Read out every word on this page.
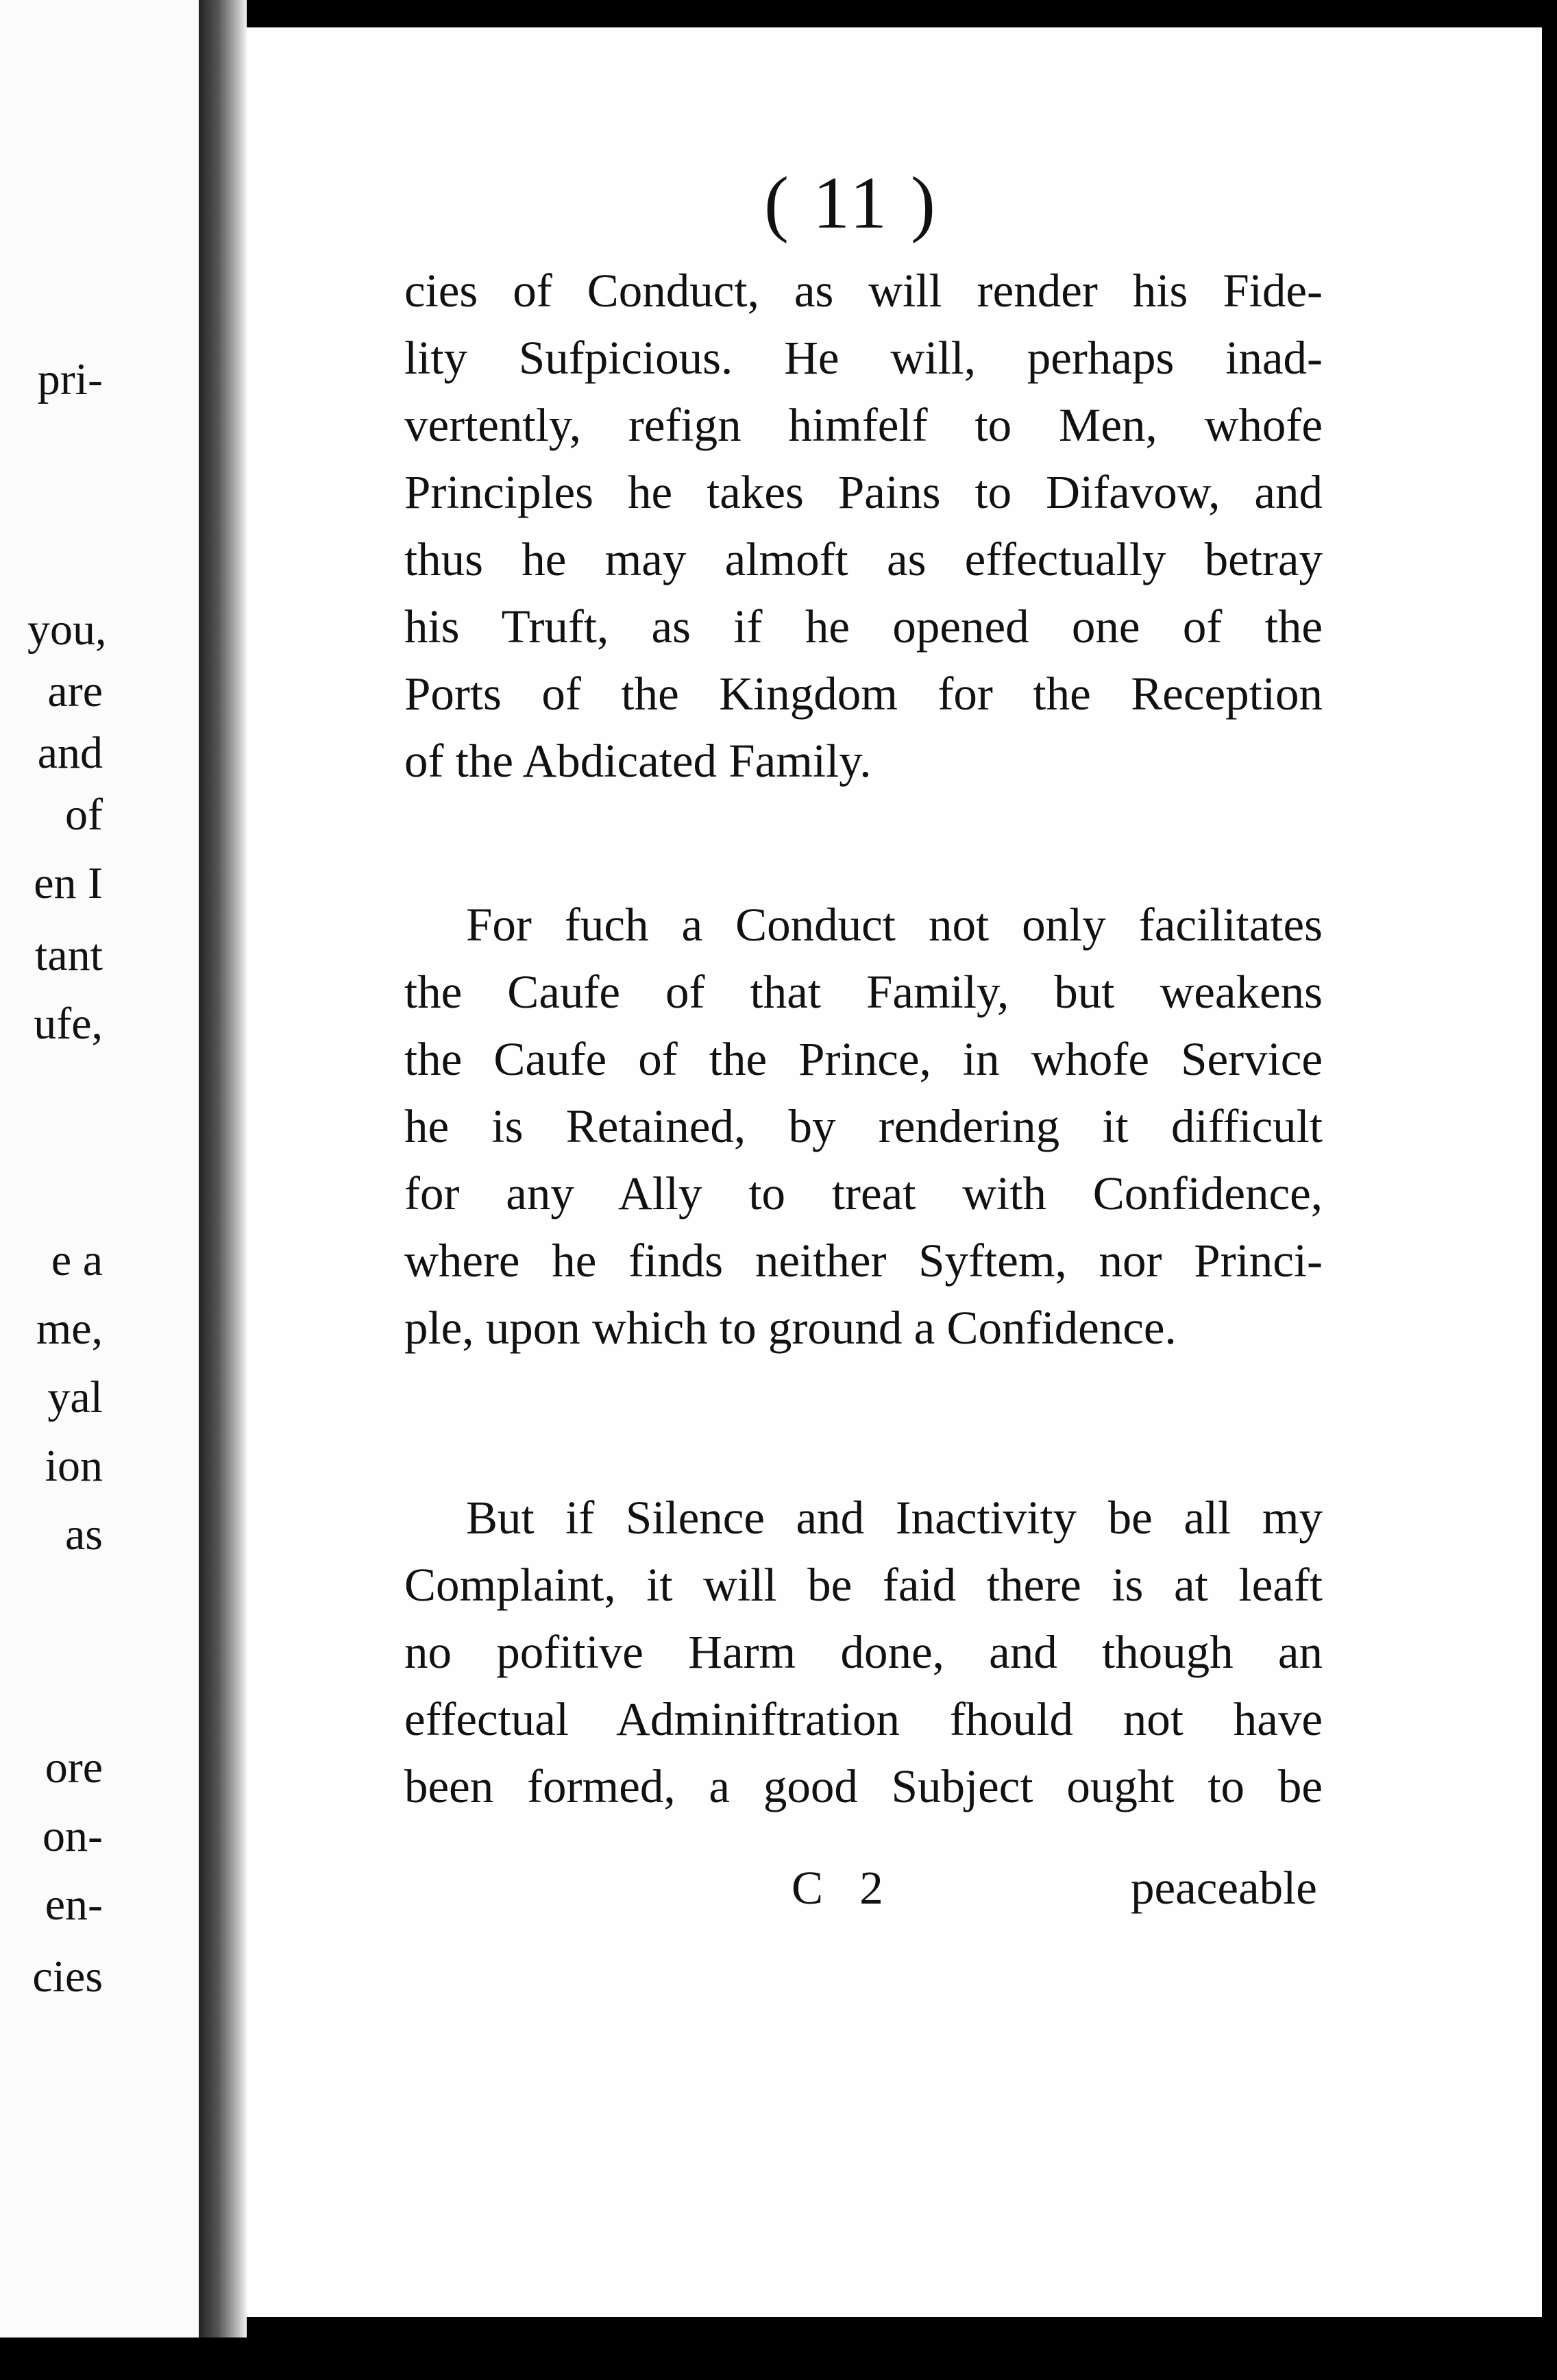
pri-
you,
are
and
of
en I
tant
ufe,
e a
me,
yal
ion
as
ore
on-
en-
cies
( 11 )
cies of Conduct, as will render his Fide-
lity Sufpicious. He will, perhaps inad-
vertently, refign himfelf to Men, whofe
Principles he takes Pains to Difavow, and
thus he may almoft as effectually betray
his Truft, as if he opened one of the
Ports of the Kingdom for the Reception
of the Abdicated Family.
For fuch a Conduct not only facilitates
the Caufe of that Family, but weakens
the Caufe of the Prince, in whofe Service
he is Retained, by rendering it difficult
for any Ally to treat with Confidence,
where he finds neither Syftem, nor Princi-
ple, upon which to ground a Confidence.
But if Silence and Inactivity be all my
Complaint, it will be faid there is at leaft
no pofitive Harm done, and though an
effectual Adminiftration fhould not have
been formed, a good Subject ought to be
C 2	peaceable
